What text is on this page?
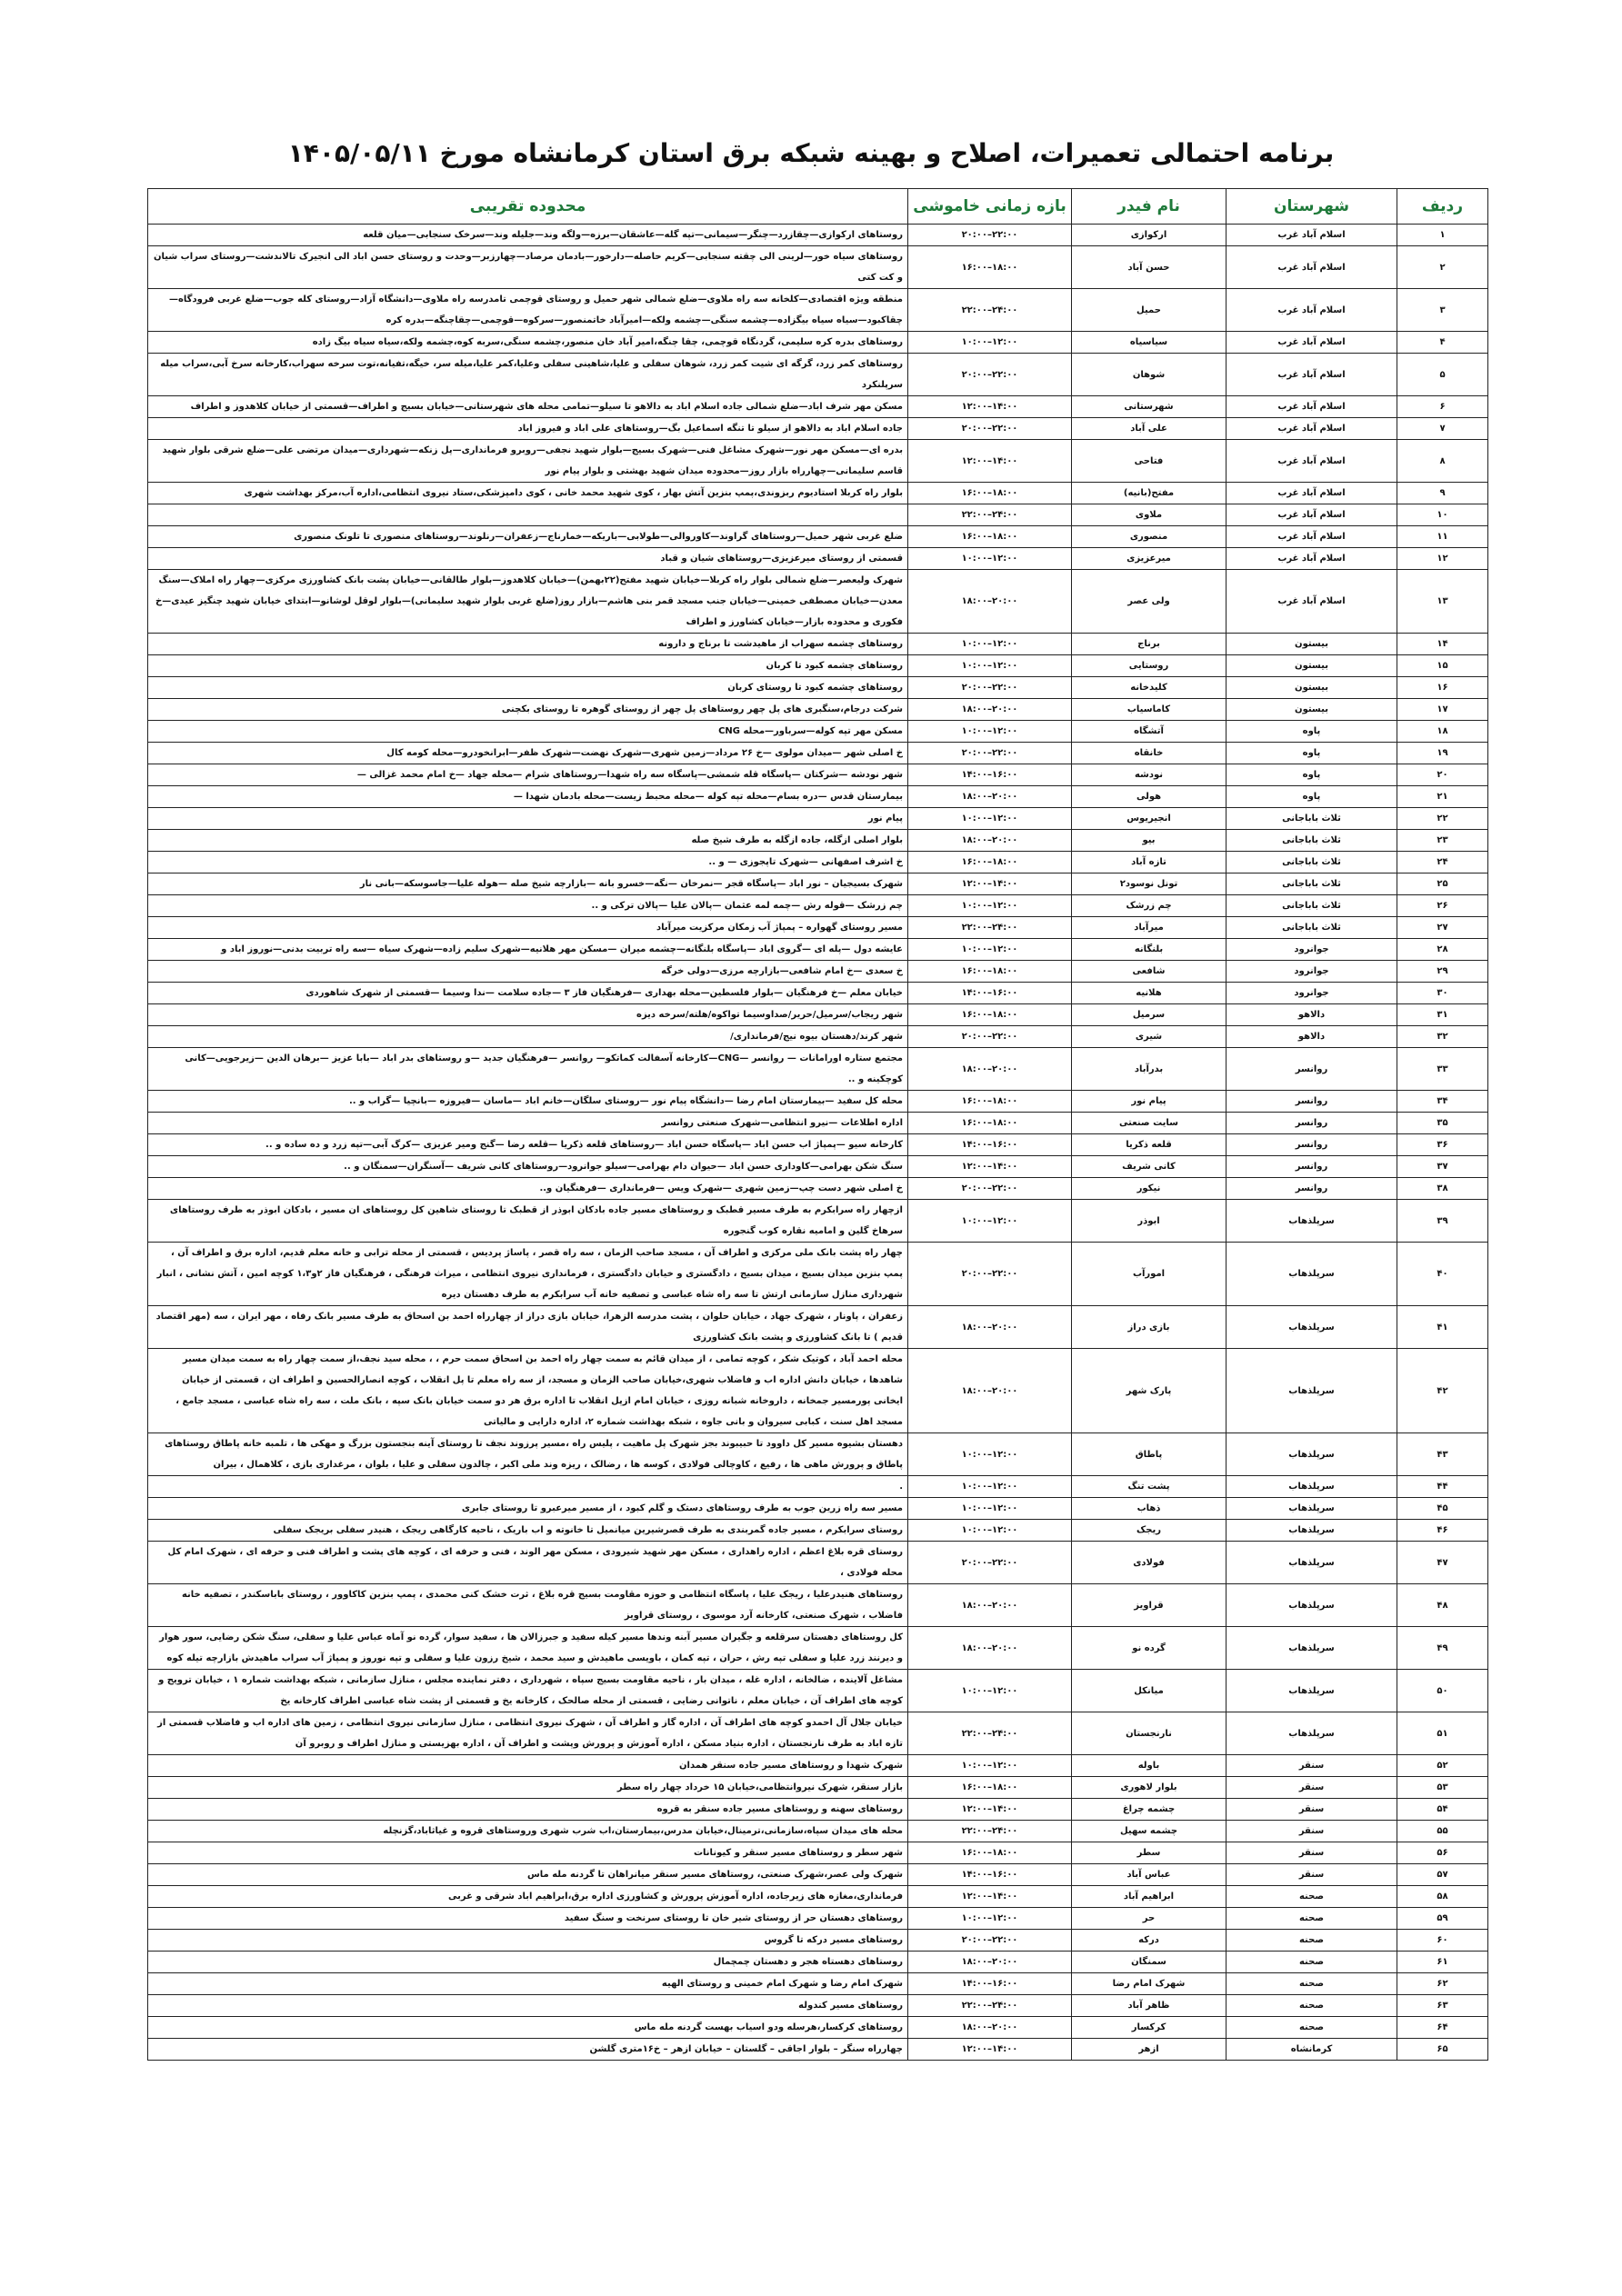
برنامه احتمالی تعمیرات، اصلاح و بهینه شبکه برق استان کرمانشاه مورخ ۱۴۰۵/۰۵/۱۱
ردیف	شهرستان	نام فیدر	بازه زمانی خاموشی	محدوده تقریبی
۱	اسلام آباد غرب	ارکوازی	۲۰:۰۰–۲۲:۰۰	روستاهای ارکوازی—چقازرد—چنگر—سیمانی—تپه گله—عاشقان—برزه—ولگه وند—جلیله وند—سرخک سنجابی—میان قلعه
۲	اسلام آباد غرب	حسن آباد	۱۶:۰۰–۱۸:۰۰	روستاهای سیاه خور—لرینی الی چقته سنجابی—کریم حاصله—دارخور—بادمان مرصاد—چهارزبر—وحدت و روستای حسن اباد الی انجیرک تالاندشت—روستای سراب شیان و کت کتی
۳	اسلام آباد غرب	حمیل	۲۲:۰۰–۲۴:۰۰	منطقه ویژه اقتصادی—کلخانه سه راه ملاوی—ضلع شمالی شهر حمیل و روستای قوچمی تامدرسه راه ملاوی—دانشگاه آزاد—روستای کله جوب—ضلع غربی فرودگاه—چقاکبود—سیاه سیاه بیگزاده—چشمه سنگی—چشمه ولکه—امیرآباد خاتمنصور—سرکوه—قوچمی—چقاچنگه—بدره کره
۴	اسلام آباد غرب	سیاسیاه	۱۰:۰۰–۱۲:۰۰	روستاهای بدره کره سلیمی، گردنگاه قوچمی، چقا چنگه،امیر آباد خان منصور،چشمه سنگی،سربه کوه،چشمه ولکه،سیاه سیاه بیگ زاده
۵	اسلام آباد غرب	شوهان	۲۰:۰۰–۲۲:۰۰	روستاهای کمر زرد، گرگه ای شیت کمر زرد، شوهان سفلی و علیا،شاهینی سفلی وعلیا،کمر علیا،میله سر، خیگه،تفیانه،توت سرخه سهراب،کارخانه سرخ آبی،سراب میله سرپلنکرد
۶	اسلام آباد غرب	شهرستانی	۱۲:۰۰–۱۴:۰۰	مسکن مهر شرف اباد—ضلع شمالی جاده اسلام اباد به دالاهو تا سیلو—تمامی محله های شهرستانی—خیابان بسیج و اطراف—قسمتی از خیابان کلاهدوز و اطراف
۷	اسلام آباد غرب	علی آباد	۲۰:۰۰–۲۲:۰۰	جاده اسلام اباد به دالاهو از سیلو تا تنگه اسماعیل بگ—روستاهای علی اباد و فیروز اباد
۸	اسلام آباد غرب	فتاحی	۱۲:۰۰–۱۴:۰۰	بدره ای—مسکن مهر نور—شهرک مشاغل فنی—شهرک بسیج—بلوار شهید نجفی—روبرو فرمانداری—پل زنکه—شهرداری—میدان مرتضی علی—ضلع شرقی بلوار شهید قاسم سلیمانی—چهارراه بازار روز—محدوده میدان شهید بهشتی و بلوار پیام نور
۹	اسلام آباد غرب	مفتح(بانیه)	۱۶:۰۰–۱۸:۰۰	بلوار راه کربلا استادیوم ربزوندی،پمپ بنزین آتش بهار ، کوی شهید محمد خانی ، کوی دامپزشکی،ستاد نیروی انتظامی،اداره آب،مرکز بهداشت شهری
۱۰	اسلام آباد غرب	ملاوی	۲۲:۰۰–۲۴:۰۰	
۱۱	اسلام آباد غرب	منصوری	۱۶:۰۰–۱۸:۰۰	ضلع غربی شهر حمیل—روستاهای گراوند—کاوروالی—طولابی—باریکه—خمارناج—زعفران—رنلوند—روستاهای منصوری تا تلونک منصوری
۱۲	اسلام آباد غرب	میرعزیزی	۱۰:۰۰–۱۲:۰۰	قسمتی از روستای میرعزیزی—روستاهای شیان و قباد
۱۳	اسلام آباد غرب	ولی عصر	۱۸:۰۰–۲۰:۰۰	شهرک ولیعصر—ضلع شمالی بلوار راه کربلا—خیابان شهید مفتح(۲۲بهمن)—خیابان کلاهدوز—بلوار طالقانی—خیابان پشت بانک کشاورزی مرکزی—چهار راه املاک—سنگ معدن—خیابان مصطفی خمینی—خیابان جنب مسجد قمر بنی هاشم—بازار روز(ضلع غربی بلوار شهید سلیمانی)—بلوار لوقل لوشانو—ابتدای خیابان شهید چنگیز عیدی—خ فکوری و محدوده بازار—خیابان کشاورز و اطراف
۱۴	بیستون	برناج	۱۰:۰۰–۱۲:۰۰	روستاهای چشمه سهراب از ماهیدشت تا برناج و دارونه
۱۵	بیستون	روستایی	۱۰:۰۰–۱۲:۰۰	روستاهای چشمه کبود تا کربان
۱۶	بیستون	کلیدخانه	۲۰:۰۰–۲۲:۰۰	روستاهای چشمه کبود تا روستای کربان
۱۷	بیستون	کاماسیاب	۱۸:۰۰–۲۰:۰۰	شرکت درجام،سنگبری های پل چهر روستاهای پل چهر از روستای گوهره تا روستای بکچنی
۱۸	پاوه	آتشگاه	۱۰:۰۰–۱۲:۰۰	مسکن مهر تپه کوله—سرباور—محله CNG
۱۹	پاوه	خانقاه	۲۰:۰۰–۲۲:۰۰	خ اصلی شهر —میدان مولوی —خ ۲۶ مرداد—زمین شهری—شهرک نهضت—شهرک ظفر—ابرانخودرو—محله کومه کال
۲۰	پاوه	نودشه	۱۴:۰۰–۱۶:۰۰	شهر نودشه —شرکتان —پاسگاه قله شمشی—پاسگاه سه راه شهدا—روستاهای شرام —محله جهاد —خ امام محمد غزالی —
۲۱	پاوه	هولی	۱۸:۰۰–۲۰:۰۰	بیمارستان قدس —دره بسام—محله تپه کوله —محله محبط زیست—محله بادمان شهدا —
۲۲	ثلاث باباجانی	انجیریوس	۱۰:۰۰–۱۲:۰۰	پیام نور
۲۳	ثلاث باباجانی	بیو	۱۸:۰۰–۲۰:۰۰	بلوار اصلی ازگله، جاده ازگله به طرف شیخ صله
۲۴	ثلاث باباجانی	تازه آباد	۱۶:۰۰–۱۸:۰۰	خ اشرف اصفهانی —شهرک تاپجوزی — و ..
۲۵	ثلاث باباجانی	تونل نوسود۲	۱۲:۰۰–۱۴:۰۰	شهرک بسیجیان – نور اباد —پاسگاه قجر —نمرخان —نگه—خسرو بانه —بازارچه شیخ صله —هوله علیا—جاسوسکه—بانی نار
۲۶	ثلاث باباجانی	چم زرشک	۱۰:۰۰–۱۲:۰۰	چم زرشک —قوله رش —چمه لمه عثمان —پالان علیا —پالان ترکی و ..
۲۷	ثلاث باباجانی	میرآباد	۲۲:۰۰–۲۴:۰۰	مسیر روستای گهواره – پمپاژ آب زمکان مرکزیت میرآباد
۲۸	جوانرود	بلنگانه	۱۰:۰۰–۱۲:۰۰	عایشه دول —پله ای —گروی اباد —پاسگاه بلنگانه—چشمه میران —مسکن مهر هلانیه—شهرک سلیم زاده—شهرک سیاه —سه راه تربیت بدنی—نوروز اباد و
۲۹	جوانرود	شافعی	۱۶:۰۰–۱۸:۰۰	خ سعدی —خ امام شافعی—بازارچه مرزی—دولی خرگه
۳۰	جوانرود	هلانیه	۱۴:۰۰–۱۶:۰۰	خیابان معلم —خ فرهنگیان —بلوار فلسطین—محله بهداری —فرهنگیان فاز ۳ —جاده سلامت —ندا وسیما —قسمتی از شهرک شاهوردی
۳۱	دالاهو	سرمیل	۱۶:۰۰–۱۸:۰۰	شهر ریجاب/سرمیل/حریر/صداوسیما تواکوه/هلته/سرخه دیزه
۳۲	دالاهو	شیری	۲۰:۰۰–۲۲:۰۰	شهر کرند/دهستان بیوه نیج/فرمانداری/
۳۳	روانسر	بدرآباد	۱۸:۰۰–۲۰:۰۰	مجتمع ستاره اورامانات — روانسر —CNG—کارخانه آسفالت کماتکو— روانسر —فرهنگیان جدید —و روستاهای بدر اباد —بابا عزیز —برهان الدین —زیرجویی—کانی کوچکینه و ..
۳۴	روانسر	پیام نور	۱۶:۰۰–۱۸:۰۰	محله کل سفید —بیمارستان امام رضا —دانشگاه پیام نور —روستای سلگان—خانم اباد —ماسان —فیروزه —بانچیا —گراب و ..
۳۵	روانسر	سایت صنعتی	۱۶:۰۰–۱۸:۰۰	اداره اطلاعات —نیرو انتظامی—شهرک صنعتی روانسر
۳۶	روانسر	قلعه ذکریا	۱۴:۰۰–۱۶:۰۰	کارخانه سیو —پمپاژ اب حسن اباد —پاسگاه حسن اباد —روستاهای قلعه ذکریا —قلعه رضا —گنج ومیر عزیزی —کرگ آبی—تپه زرد و ده ساده و ..
۳۷	روانسر	کانی شریف	۱۲:۰۰–۱۴:۰۰	سنگ شکن بهرامی—کاوداری حسن اباد —حیوان دام بهرامی—سیلو جوانرود—روستاهای کانی شریف —آسنگران—سمنگان و ..
۳۸	روانسر	نیکور	۲۰:۰۰–۲۲:۰۰	خ اصلی شهر دست چپ—زمین شهری —شهرک ویس —فرمانداری —فرهنگیان و..
۳۹	سرپلذهاب	ابوذر	۱۰:۰۰–۱۲:۰۰	ازچهار راه سرابکرم به طرف مسیر قطبک و روستاهای مسیر جاده بادکان ابوذر از قطبک تا روستای شاهین کل روستاهای ان مسیر ، بادکان ابوذر به طرف روستاهای سرهاخ گلین و امامیه نقاره کوب گنجوره
۴۰	سرپلذهاب	امورآب	۲۰:۰۰–۲۲:۰۰	چهار راه پشت بانک ملی مرکزی و اطراف آن ، مسجد صاحب الزمان ، سه راه قصر ، پاساژ پردیس ، قسمتی از محله ترابی و خانه معلم قدیم، اداره برق و اطراف آن ، پمپ بنزین میدان بسیج ، میدان بسیج ، دادگستری و خیابان دادگستری ، فرمانداری نیروی انتظامی ، میراث فرهنگی ، فرهنگیان فاز ۲و۱،۳ کوچه امین ، آتش نشانی ، انبار شهرداری منازل سازمانی ارتش تا سه راه شاه عباسی و تصفیه خانه آب سرابکرم به طرف دهستان دیره
۴۱	سرپلذهاب	بازی دراز	۱۸:۰۰–۲۰:۰۰	زعفران ، پاونار ، شهرک جهاد ، خیابان حلوان ، پشت مدرسه الزهرا، خیابان بازی دراز از چهارراه احمد بن اسحاق به طرف مسیر بانک رفاه ، مهر ایران ، سه (مهر اقتصاد قدیم ) تا بانک کشاورزی و پشت بانک کشاورزی
۴۲	سرپلذهاب	پارک شهر	۱۸:۰۰–۲۰:۰۰	محله احمد آباد ، کوتیک شکر ، کوچه تمامی ، از میدان قائم به سمت چهار راه احمد بن اسحاق سمت حرم ، ، محله سید نجف،از سمت چهار راه به سمت میدان مسیر شاهدها ، خیابان دانش اداره اب و فاضلاب شهری،خیابان صاحب الزمان و مسجد، از سه راه معلم تا پل انقلاب ، کوچه انصارالحسین و اطراف ان ، قسمتی از خیابان ایخانی پورمسیر جمخانه ، داروخانه شبانه روزی ، خیابان امام ازپل انقلاب تا اداره برق هر دو سمت خیابان بانک سپه ، بانک ملت ، سه راه شاه عباسی ، مسجد جامع ، مسجد اهل سنت ، کبابی سیروان و بانی جاوه ، شبکه بهداشت شماره ۲، اداره دارایی و مالیاتی
۴۳	سرپلذهاب	پاطاق	۱۰:۰۰–۱۲:۰۰	دهستان بشیوه مسیر کل داوود تا حبیبوند بجز شهرک پل ماهیت ، پلیس راه ،مسیر پرزوند نجف تا روستای آینه بنجستون بزرگ و مهکی ها ، تلمبه خانه پاطاق روستاهای پاطاق و پرورش ماهی ها ، رفیع ، کاوچالی فولادی ، کوسه ها ، رضالک ، ریزه وند ملی اکبر ، چالدون سفلی و علیا ، بلوان ، مرغداری بازی ، کلاهمال ، بیران
۴۴	سرپلذهاب	پشت تنگ	۱۰:۰۰–۱۲:۰۰	.
۴۵	سرپلذهاب	ذهاب	۱۰:۰۰–۱۲:۰۰	مسیر سه راه زرین جوب به طرف روستاهای دستک و گلم کبود ، از مسیر میرعبرو تا روستای جابری
۴۶	سرپلذهاب	ریجک	۱۰:۰۰–۱۲:۰۰	روستای سرابکرم ، مسیر جاده گمربندی به طرف قصرشیرین میانمیل تا خانوته و اب باریک ، ناحیه کارگاهی ریجک ، هنیدر سفلی بریجک سفلی
۴۷	سرپلذهاب	فولادی	۲۰:۰۰–۲۲:۰۰	روستای قره بلاغ اعظم ، اداره راهداری ، مسکن مهر شهید شیرودی ، مسکن مهر الوند ، فنی و حرفه ای ، کوچه های پشت و اطراف فنی و حرفه ای ، شهرک امام کل محله فولادی ،
۴۸	سرپلذهاب	قراویز	۱۸:۰۰–۲۰:۰۰	روستاهای هنیدرعلیا ، ریجک علیا ، پاسگاه انتظامی و حوزه مقاومت بسیج قره بلاغ ، ثرت خشک کنی محمدی ، پمپ بنزین کاکاوور ، روستای باباسکندر ، تصفیه خانه فاضلاب ، شهرک صنعتی، کارخانه آرد موسوی ، روستای قراویز
۴۹	سرپلذهاب	گرده نو	۱۸:۰۰–۲۰:۰۰	کل روستاهای دهستان سرقلعه و جگیران مسیر آبنه وندها مسیر کیله سفید و جبرزالان ها ، سفید سوار، گرده نو آماه عباس علیا و سفلی، سنگ شکن رضایی، سور هوار و دیرنند زرد علیا و سفلی تپه رش ، حران ، تپه کمان ، باویسی ماهیدش و سید محمد ، شیخ رزون علیا و سفلی و تپه نوروز و پمپاژ آب سراب ماهیدش بازارچه تیله کوه
۵۰	سرپلذهاب	میانکل	۱۰:۰۰–۱۲:۰۰	مشاغل آلاینده ، ضالخانه ، اداره غله ، میدان بار ، ناحیه مقاومت بسیج سپاه ، شهرداری ، دفتر نماینده مجلس ، منازل سازمانی ، شبکه بهداشت شماره ۱ ، خیابان ترویج و کوچه های اطراف آن ، خیابان معلم ، ناتوانی رضایی ، قسمتی از محله صالحک ، کارخانه یخ و قسمتی از پشت شاه عباسی اطراف کارخانه یخ
۵۱	سرپلذهاب	نارنجستان	۲۲:۰۰–۲۴:۰۰	خیابان جلال آل احمدو کوچه های اطراف آن ، اداره گاز و اطراف آن ، شهرک نیروی انتظامی ، منازل سازمانی نیروی انتظامی ، زمین های اداره اب و فاضلاب قسمتی از تازه اباد به طرف نارنجستان ، اداره بنیاد مسکن ، اداره آموزش و پرورش وپشت و اطراف آن ، اداره بهزیستی و منازل اطراف و روبرو آن
۵۲	سنقر	باوله	۱۰:۰۰–۱۲:۰۰	شهرک شهدا و روستاهای مسیر جاده سنقر همدان
۵۳	سنقر	بلوار لاهوری	۱۶:۰۰–۱۸:۰۰	بازار سنقر، شهرک نیروانتظامی،خیابان ۱۵ خرداد چهار راه سطر
۵۴	سنقر	چشمه چراغ	۱۲:۰۰–۱۴:۰۰	روستاهای سهنه و روستاهای مسیر جاده سنقر به قروه
۵۵	سنقر	چشمه سهیل	۲۲:۰۰–۲۴:۰۰	محله های میدان سپاه،سازمانی،ترمینال،خیابان مدرس،بیمارستان،اب شرب شهری وروستاهای قروه و غیاثاباد،گزنچله
۵۶	سنقر	سطر	۱۶:۰۰–۱۸:۰۰	شهر سطر و روستاهای مسیر سنقر و کیونانات
۵۷	سنقر	عباس آباد	۱۴:۰۰–۱۶:۰۰	شهرک ولی عصر،شهرک صنعتی، روستاهای مسیر سنقر میانراهان تا گردنه مله ماس
۵۸	صحنه	ابراهیم آباد	۱۲:۰۰–۱۴:۰۰	فرمانداری،مغازه های زیرجاده، اداره آموزش پرورش و کشاورزی اداره برق،ابراهیم اباد شرقی و غربی
۵۹	صحنه	حر	۱۰:۰۰–۱۲:۰۰	روستاهای دهستان حر از روستای شیر خان تا روستای سرنخت و سنگ سفید
۶۰	صحنه	درکه	۲۰:۰۰–۲۲:۰۰	روستاهای مسیر درکه تا گروس
۶۱	صحنه	سمنگان	۱۸:۰۰–۲۰:۰۰	روستاهای دهستاه هجر و دهستان چمچمال
۶۲	صحنه	شهرک امام رضا	۱۴:۰۰–۱۶:۰۰	شهرک امام رضا و شهرک امام خمینی و روستای الهیه
۶۳	صحنه	ظاهر آباد	۲۲:۰۰–۲۴:۰۰	روستاهای مسیر کندوله
۶۴	صحنه	کرکسار	۱۸:۰۰–۲۰:۰۰	روستاهای کرکسار،هرسله ودو اسیاب بهست گردنه مله ماس
۶۵	کرمانشاه	ازهر	۱۲:۰۰–۱۴:۰۰	چهارراه سنگر – بلوار اجاقی – گلستان – خیابان ازهر – خ۱۶متری گلشن
